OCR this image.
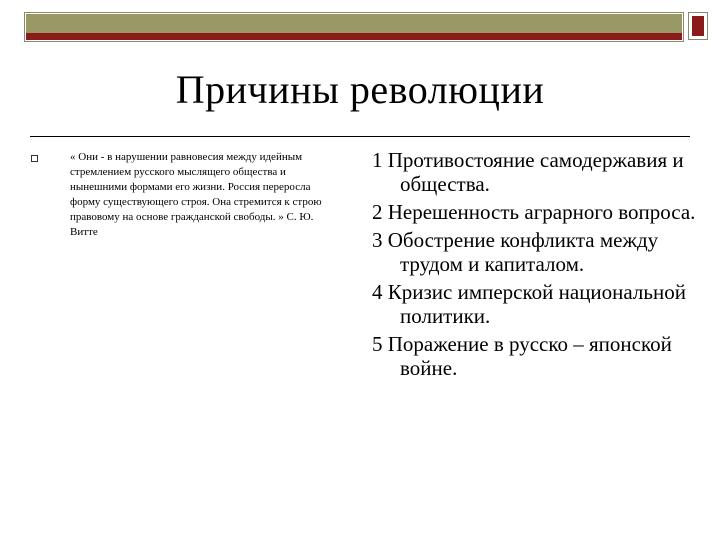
Причины революции
« Они - в нарушении равновесия между идейным стремлением русского мыслящего общества и нынешними формами его жизни. Россия переросла форму существующего строя. Она стремится к строю правовому на основе гражданской свободы. » С. Ю. Витте
1 Противостояние самодержавия и общества.
2 Нерешенность аграрного вопроса.
3 Обострение конфликта между трудом и капиталом.
4 Кризис имперской национальной политики.
5 Поражение в русско – японской войне.
